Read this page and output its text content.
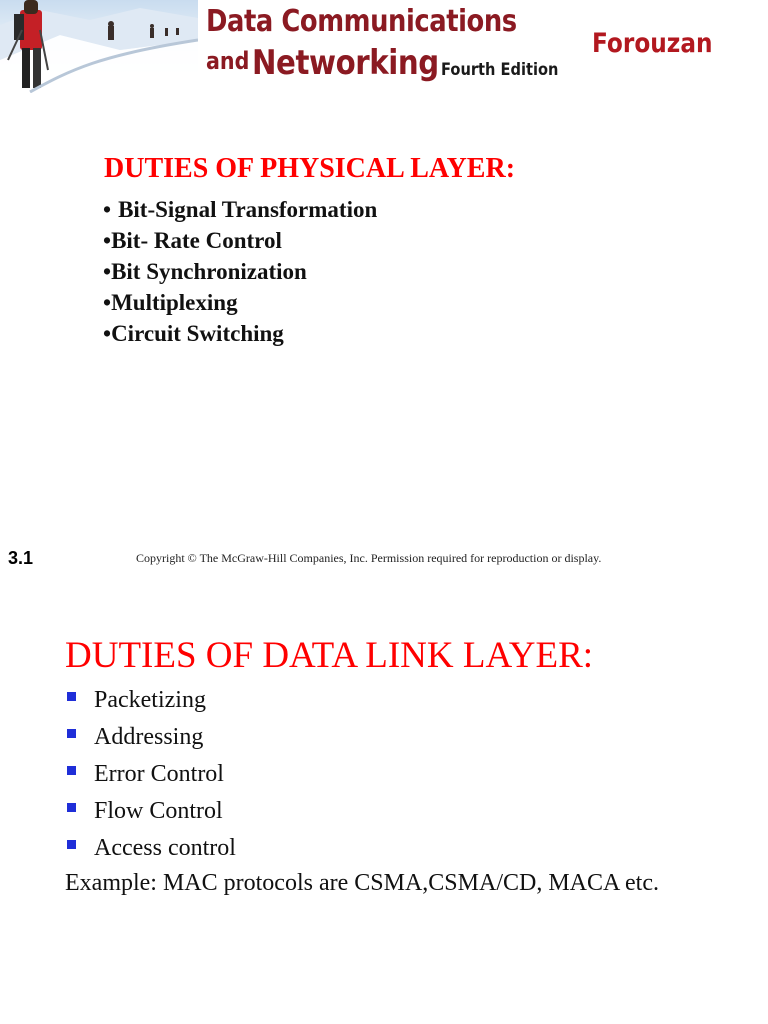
Data Communications
and Networking Fourth Edition
Forouzan
DUTIES OF PHYSICAL LAYER:
• Bit-Signal Transformation
•Bit- Rate Control
•Bit Synchronization
•Multiplexing
•Circuit Switching
3.1	Copyright © The McGraw-Hill Companies, Inc. Permission required for reproduction or display.
DUTIES OF DATA LINK LAYER:
Packetizing
Addressing
Error Control
Flow Control
Access control
Example: MAC protocols are CSMA,CSMA/CD, MACA etc.
